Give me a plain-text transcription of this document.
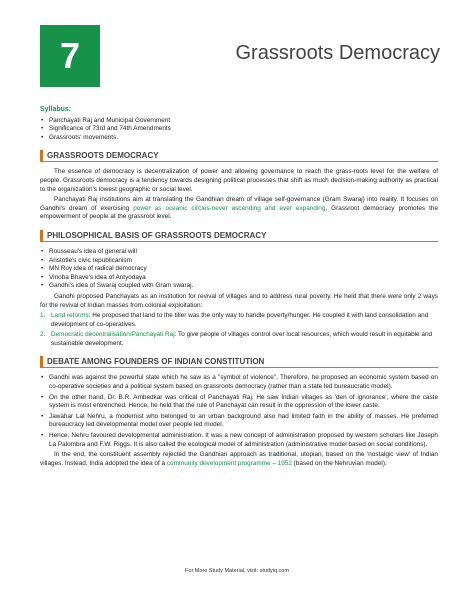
7	Grassroots Democracy
Syllabus:
• Panchayati Raj and Municipal Government
• Significance of 73rd and 74th Amendments
• Grassroots' movements.
GRASSROOTS DEMOCRACY

The essence of democracy is decentralization of power and allowing governance to reach the grass-roots level for the welfare of people. Grassroots democracy is a tendency towards designing political processes that shift as much decision-making authority as practical to the organization's lowest geographic or social level.

Panchayati Raj institutions aim at translating the Gandhian dream of village self-governance (Gram Swaraj) into reality. It focuses on Gandhi's dream of exercising power as oceanic circles-never ascending and ever expanding. Grassroot democracy promotes the empowerment of people at the grassroot level.

PHILOSOPHICAL BASIS OF GRASSROOTS DEMOCRACY
• Rousseau's idea of general will
• Aristotle's civic republicanism
• MN Roy idea of radical democracy
• Vinoba Bhave's idea of Antyodaya
• Gandhi's idea of Swaraj coupled with Gram swaraj.

Gandhi proposed Panchayats as an institution for revival of villages and to address rural poverty. He held that there were only 2 ways for the revival of Indian masses from colonial exploitation:

1. Land reforms: He proposed that land to the tiller was the only way to handle poverty/hunger. He coupled it with land consolidation and development of co-operatives.
2. Democratic decentralisation/Panchayati Raj: To give people of villages control over local resources, which would result in equitable and sustainable development.
DEBATE AMONG FOUNDERS OF INDIAN CONSTITUTION
• Gandhi was against the powerful state which he saw as a "symbol of violence". Therefore, he proposed an economic system based on co-operative societies and a political system based on grassroots democracy (rather than a state led bureaucratic model).
• On the other hand, Dr. B.R. Ambedkar was critical of Panchayati Raj. He saw Indian villages as 'den of ignorance', where the caste system is most entrenched. Hence, he held that the rule of Panchayat can result in the oppression of the lower caste.
• Jawahar Lal Nehru, a modernist who belonged to an urban background also had limited faith in the ability of masses. He preferred bureaucracy led developmental model over people led model.
• Hence, Nehru favoured developmental administration. It was a new concept of administration proposed by western scholars like Joseph La Palombra and F.W. Riggs. It is also called the ecological model of administration (administrative model based on social conditions).

In the end, the constituent assembly rejected the Gandhian approach as traditional, utopian, based on the 'nostalgic view' of Indian villages. Instead, India adopted the idea of a community development programme – 1952 (based on the Nehruvian model).

For More Study Material, visit: studyiq.com
